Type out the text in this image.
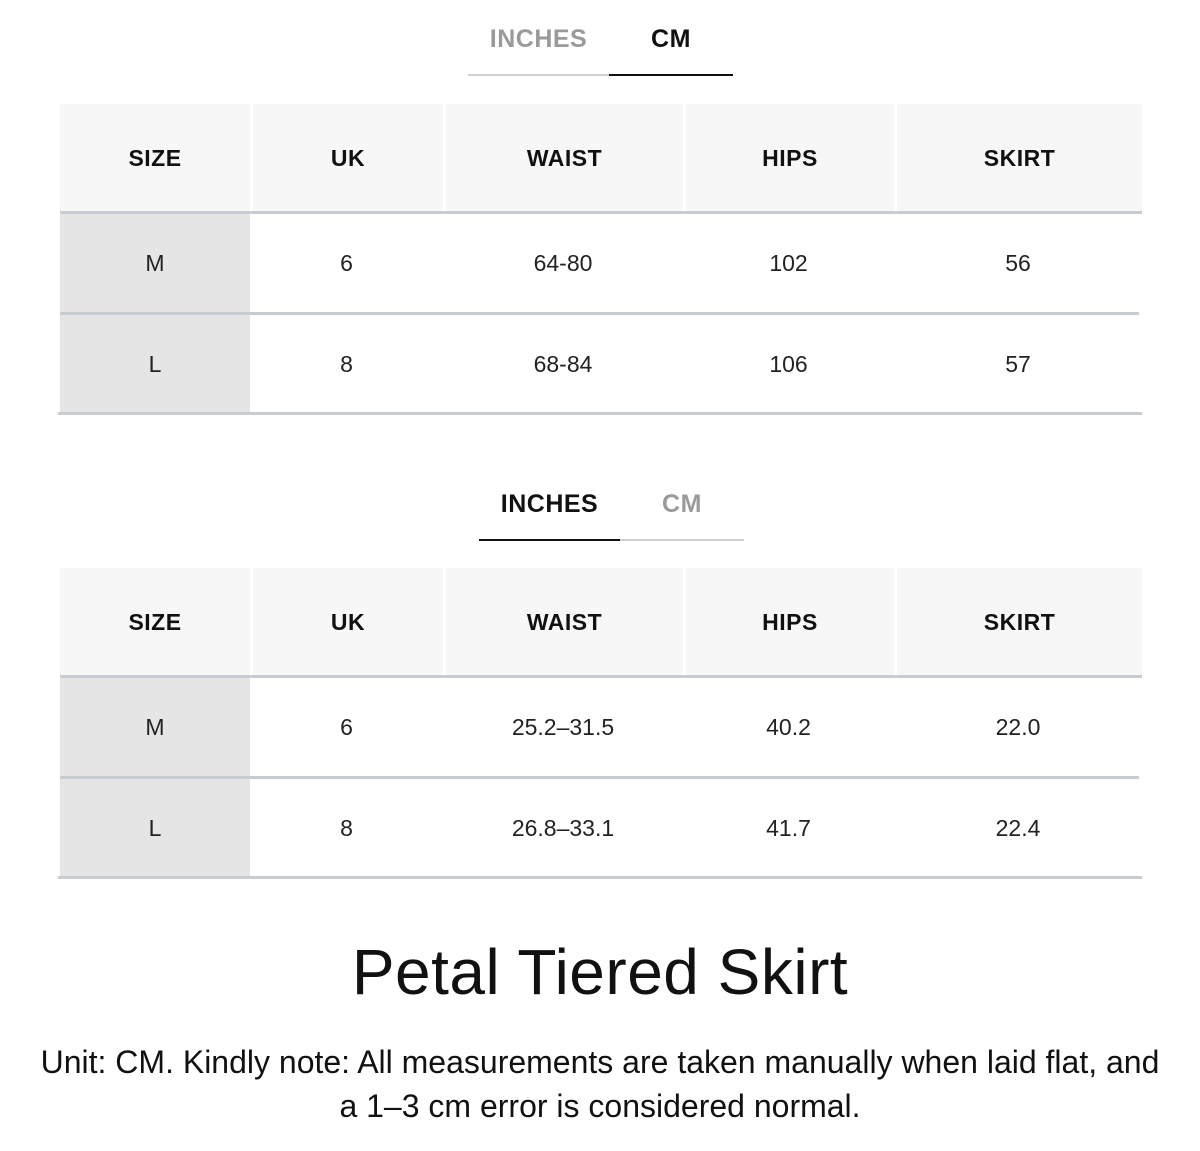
INCHES	CM
SIZE	UK	WAIST	HIPS	SKIRT
M	6	64-80	102	56
L	8	68-84	106	57
INCHES	CM
SIZE	UK	WAIST	HIPS	SKIRT
M	6	25.2–31.5	40.2	22.0
L	8	26.8–33.1	41.7	22.4
Petal Tiered Skirt
Unit: CM. Kindly note: All measurements are taken manually when laid flat, and a 1–3 cm error is considered normal.
